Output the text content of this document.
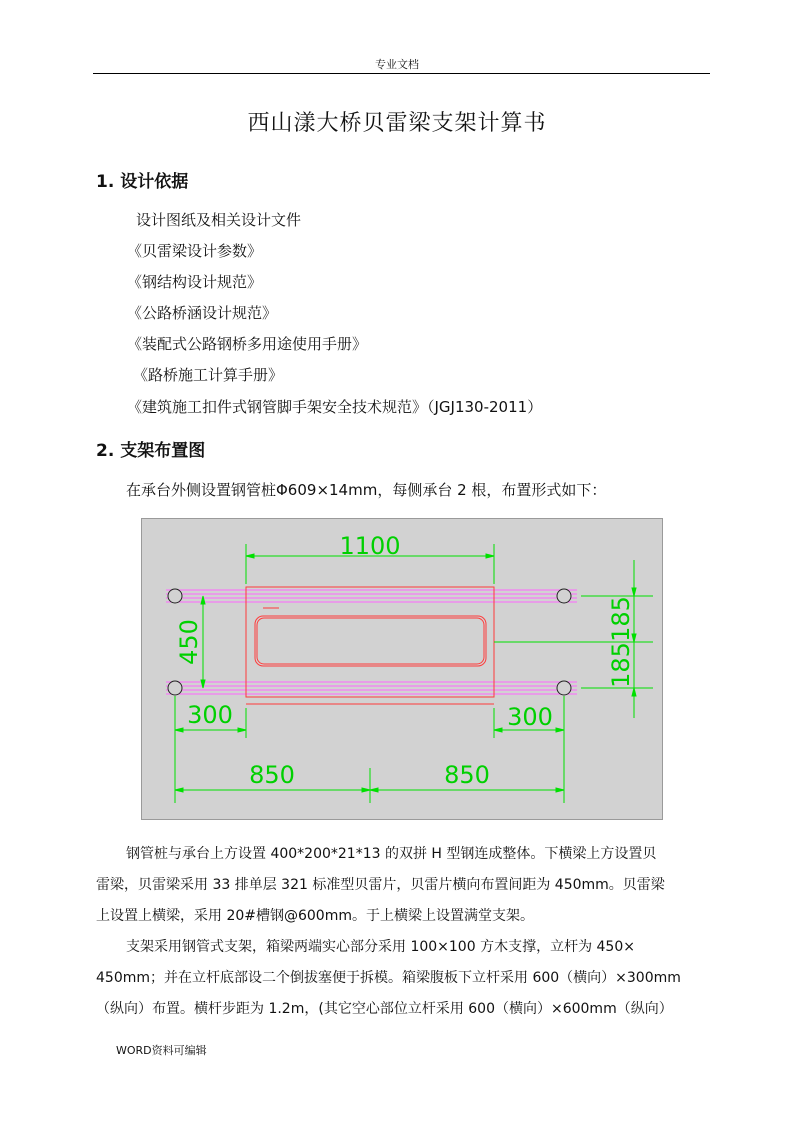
专业文档
西山漾大桥贝雷梁支架计算书
1. 设计依据
设计图纸及相关设计文件
《贝雷梁设计参数》
《钢结构设计规范》
《公路桥涵设计规范》
《装配式公路钢桥多用途使用手册》
《路桥施工计算手册》
《建筑施工扣件式钢管脚手架安全技术规范》（JGJ130-2011）
2. 支架布置图
在承台外侧设置钢管桩Φ609×14mm，每侧承台 2 根，布置形式如下：
1100
450
185
185
300	300
850	850
钢管桩与承台上方设置 400*200*21*13 的双拼 H 型钢连成整体。下横梁上方设置贝
雷梁，贝雷梁采用 33 排单层 321 标准型贝雷片，贝雷片横向布置间距为 450mm。贝雷梁
上设置上横梁，采用 20#槽钢@600mm。于上横梁上设置满堂支架。
支架采用钢管式支架，箱梁两端实心部分采用 100×100 方木支撑，立杆为 450×
450mm；并在立杆底部设二个倒拔塞便于拆模。箱梁腹板下立杆采用 600（横向）×300mm
（纵向）布置。横杆步距为 1.2m，(其它空心部位立杆采用 600（横向）×600mm（纵向）
WORD资料可编辑
